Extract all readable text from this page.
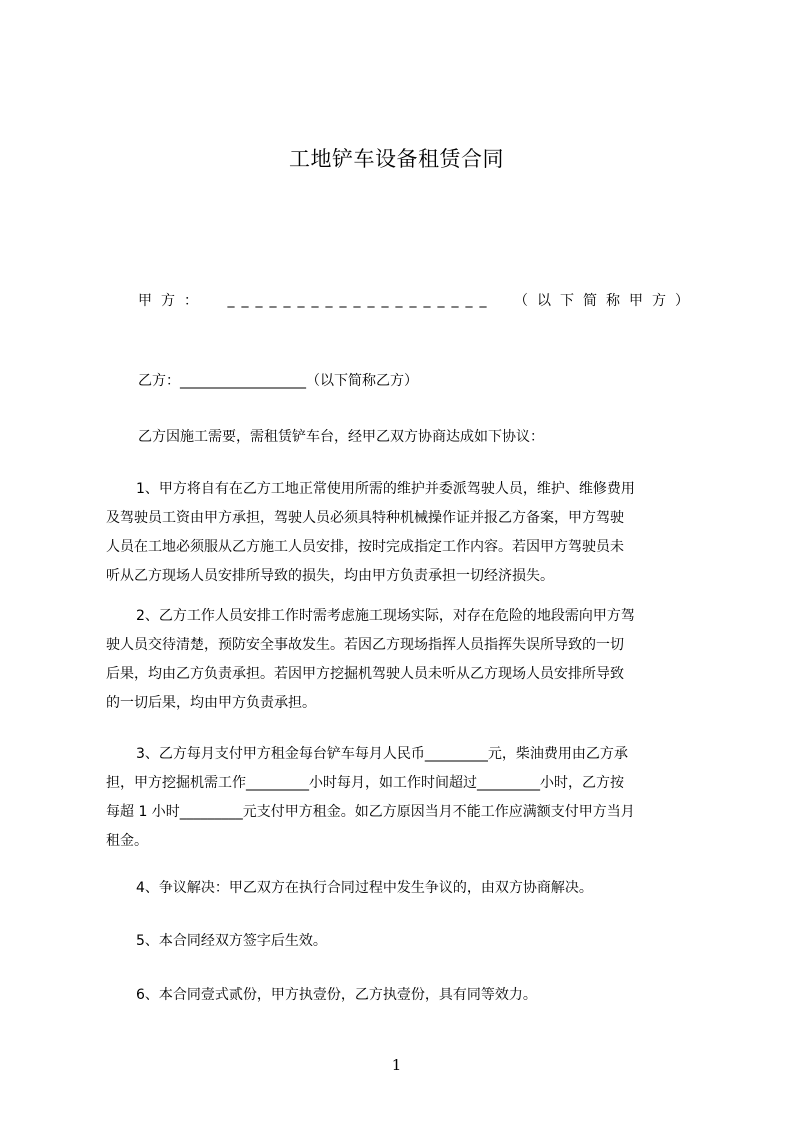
工地铲车设备租赁合同
甲方： ___________________ （以下简称甲方）
乙方：__________________（以下简称乙方）
乙方因施工需要，需租赁铲车台，经甲乙双方协商达成如下协议：

1、甲方将自有在乙方工地正常使用所需的维护并委派驾驶人员，维护、维修费用

及驾驶员工资由甲方承担，驾驶人员必须具特种机械操作证并报乙方备案，甲方驾驶

人员在工地必须服从乙方施工人员安排，按时完成指定工作内容。若因甲方驾驶员未

听从乙方现场人员安排所导致的损失，均由甲方负责承担一切经济损失。

2、乙方工作人员安排工作时需考虑施工现场实际，对存在危险的地段需向甲方驾

驶人员交待清楚，预防安全事故发生。若因乙方现场指挥人员指挥失误所导致的一切

后果，均由乙方负责承担。若因甲方挖掘机驾驶人员未听从乙方现场人员安排所导致

的一切后果，均由甲方负责承担。

3、乙方每月支付甲方租金每台铲车每月人民币_________元，柴油费用由乙方承

担，甲方挖掘机需工作_________小时每月，如工作时间超过_________小时，乙方按

每超 1 小时_________元支付甲方租金。如乙方原因当月不能工作应满额支付甲方当月

租金。

4、争议解决：甲乙双方在执行合同过程中发生争议的，由双方协商解决。
5、本合同经双方签字后生效。
6、本合同壹式贰份，甲方执壹份，乙方执壹份，具有同等效力。
1
